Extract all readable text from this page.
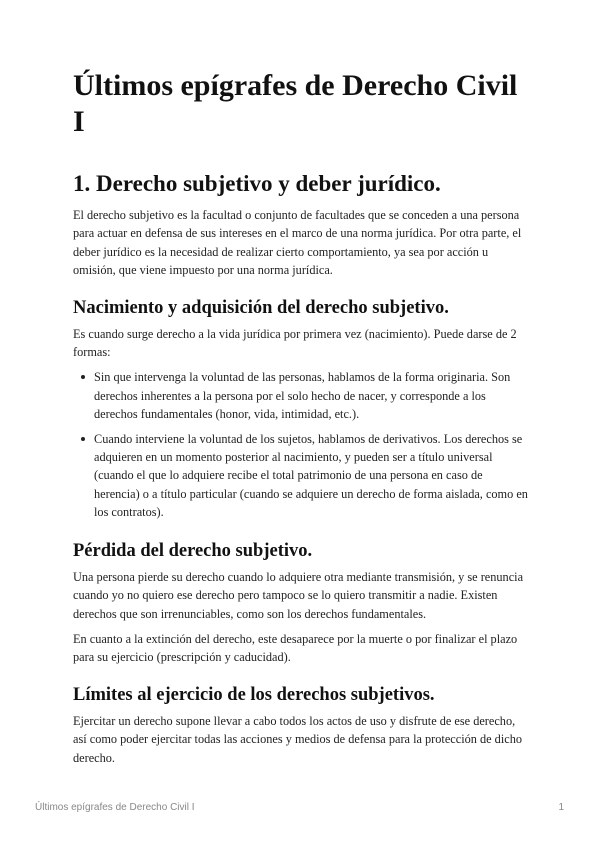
Últimos epígrafes de Derecho Civil I
1. Derecho subjetivo y deber jurídico.

El derecho subjetivo es la facultad o conjunto de facultades que se conceden a una persona para actuar en defensa de sus intereses en el marco de una norma jurídica. Por otra parte, el deber jurídico es la necesidad de realizar cierto comportamiento, ya sea por acción u omisión, que viene impuesto por una norma jurídica.

Nacimiento y adquisición del derecho subjetivo.

Es cuando surge derecho a la vida jurídica por primera vez (nacimiento). Puede darse de 2 formas:

Sin que intervenga la voluntad de las personas, hablamos de la forma originaria. Son derechos inherentes a la persona por el solo hecho de nacer, y corresponde a los derechos fundamentales (honor, vida, intimidad, etc.).
Cuando interviene la voluntad de los sujetos, hablamos de derivativos. Los derechos se adquieren en un momento posterior al nacimiento, y pueden ser a título universal (cuando el que lo adquiere recibe el total patrimonio de una persona en caso de herencia) o a título particular (cuando se adquiere un derecho de forma aislada, como en los contratos).
Pérdida del derecho subjetivo.

Una persona pierde su derecho cuando lo adquiere otra mediante transmisión, y se renuncia cuando yo no quiero ese derecho pero tampoco se lo quiero transmitir a nadie. Existen derechos que son irrenunciables, como son los derechos fundamentales.

En cuanto a la extinción del derecho, este desaparece por la muerte o por finalizar el plazo para su ejercicio (prescripción y caducidad).

Límites al ejercicio de los derechos subjetivos.

Ejercitar un derecho supone llevar a cabo todos los actos de uso y disfrute de ese derecho, así como poder ejercitar todas las acciones y medios de defensa para la protección de dicho derecho.

Últimos epígrafes de Derecho Civil I	1
